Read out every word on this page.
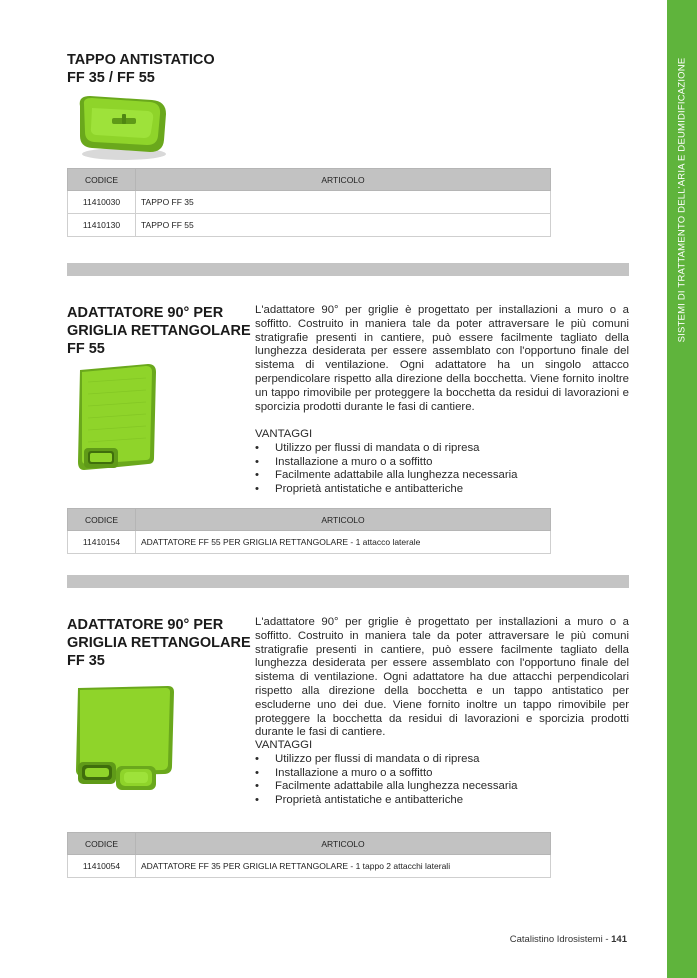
SISTEMI DI TRATTAMENTO DELL'ARIA E DEUMIDIFICAZIONE
TAPPO ANTISTATICO
FF 35 / FF 55
CODICE	ARTICOLO
11410030	TAPPO FF 35
11410130	TAPPO FF 55
ADATTATORE 90° PER
GRIGLIA RETTANGOLARE
FF 55
L'adattatore 90° per griglie è progettato per installazioni a muro o a soffitto. Costruito in maniera tale da poter attraversare le più comuni stratigrafie presenti in cantiere, può essere facilmente tagliato della lunghezza desiderata per essere assemblato con l'opportuno finale del sistema di ventilazione. Ogni adattatore ha un singolo attacco perpendicolare rispetto alla direzione della bocchetta. Viene fornito inoltre un tappo rimovibile per proteggere la bocchetta da residui di lavorazioni e sporcizia prodotti durante le fasi di cantiere.
VANTAGGI
• Utilizzo per flussi di mandata o di ripresa
• Installazione a muro o a soffitto
• Facilmente adattabile alla lunghezza necessaria
• Proprietà antistatiche e antibatteriche
CODICE	ARTICOLO
11410154	ADATTATORE FF 55 PER GRIGLIA RETTANGOLARE - 1 attacco laterale
ADATTATORE 90° PER
GRIGLIA RETTANGOLARE
FF 35
L'adattatore 90° per griglie è progettato per installazioni a muro o a soffitto. Costruito in maniera tale da poter attraversare le più comuni stratigrafie presenti in cantiere, può essere facilmente tagliato della lunghezza desiderata per essere assemblato con l'opportuno finale del sistema di ventilazione. Ogni adattatore ha due attacchi perpendicolari rispetto alla direzione della bocchetta e un tappo antistatico per escluderne uno dei due. Viene fornito inoltre un tappo rimovibile per proteggere la bocchetta da residui di lavorazioni e sporcizia prodotti durante le fasi di cantiere.
VANTAGGI
• Utilizzo per flussi di mandata o di ripresa
• Installazione a muro o a soffitto
• Facilmente adattabile alla lunghezza necessaria
• Proprietà antistatiche e antibatteriche
CODICE	ARTICOLO
11410054	ADATTATORE FF 35 PER GRIGLIA RETTANGOLARE - 1 tappo 2 attacchi laterali
Catalistino Idrosistemi - 141
